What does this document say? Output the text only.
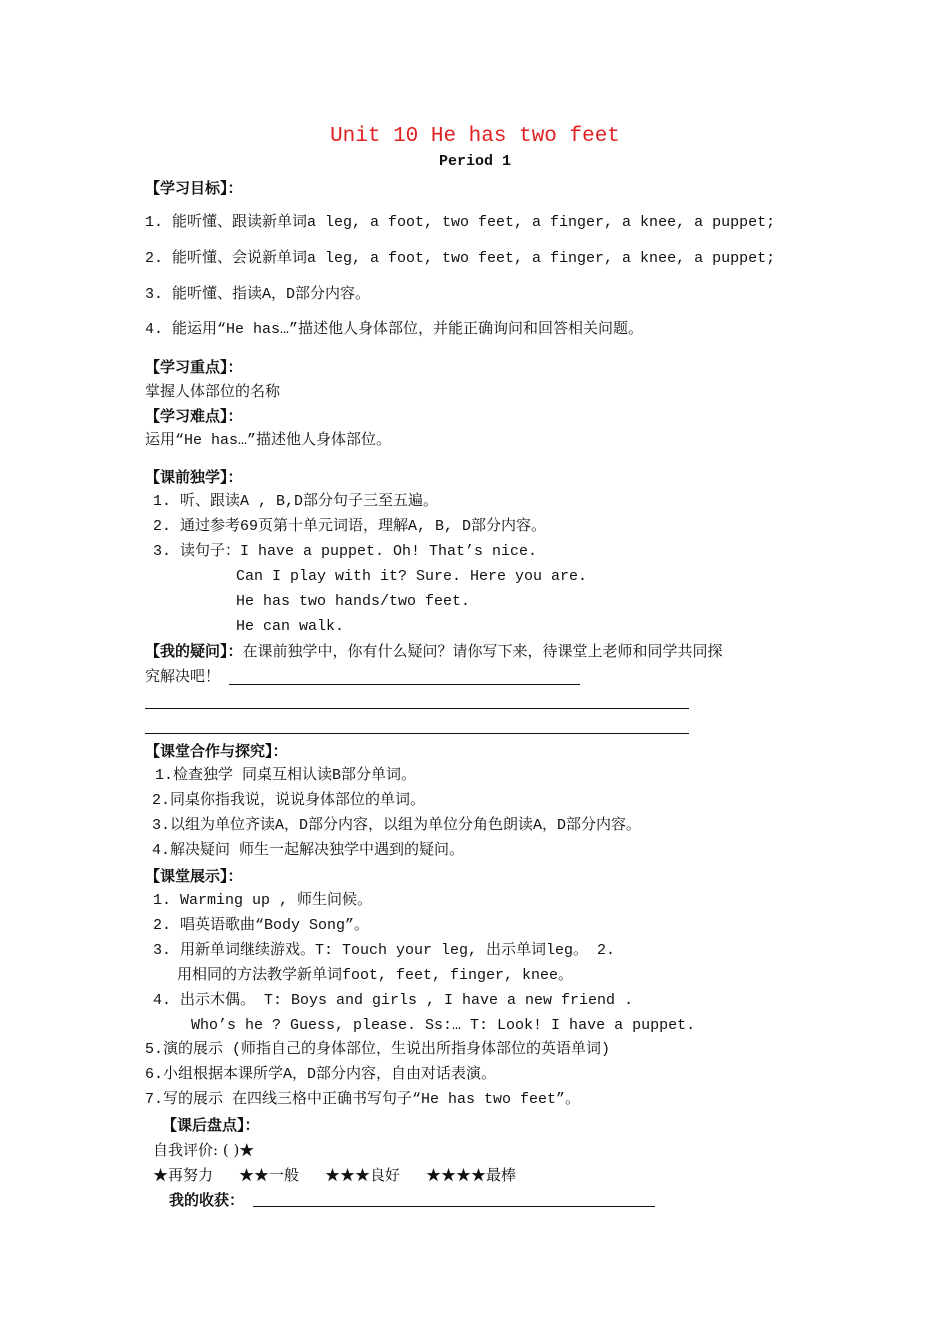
Unit 10 He has two feet
Period 1
【学习目标】：
1. 能听懂、跟读新单词a leg, a foot, two feet, a finger, a knee, a puppet;
2. 能听懂、会说新单词a leg, a foot, two feet, a finger, a knee, a puppet;
3. 能听懂、指读A，D部分内容。
4. 能运用“He has…”描述他人身体部位，并能正确询问和回答相关问题。
【学习重点】：
掌握人体部位的名称
【学习难点】：
运用“He has…”描述他人身体部位。
【课前独学】：
1. 听、跟读A , B,D部分句子三至五遍。
2. 通过参考69页第十单元词语，理解A, B, D部分内容。
3. 读句子：I have a puppet. Oh! That’s nice.
Can I play with it? Sure. Here you are.
He has two hands/two feet.
He can walk.
【我的疑问】：在课前独学中，你有什么疑问？请你写下来，待课堂上老师和同学共同探
究解决吧！
【课堂合作与探究】：
1.检查独学 同桌互相认读B部分单词。
2.同桌你指我说，说说身体部位的单词。
3.以组为单位齐读A，D部分内容，以组为单位分角色朗读A，D部分内容。
4.解决疑问 师生一起解决独学中遇到的疑问。
【课堂展示】：
1. Warming up , 师生问候。
2. 唱英语歌曲“Body Song”。
3. 用新单词继续游戏。T: Touch your leg, 出示单词leg。 2.
用相同的方法教学新单词foot, feet, finger, knee。
4. 出示木偶。 T: Boys and girls , I have a new friend .
Who’s he ? Guess, please. Ss:… T: Look! I have a puppet.
5.演的展示 (师指自己的身体部位，生说出所指身体部位的英语单词)
6.小组根据本课所学A，D部分内容，自由对话表演。
7.写的展示 在四线三格中正确书写句子“He has two feet”。
【课后盘点】：
自我评价: ( )★
★再努力 ★★一般 ★★★良好 ★★★★最棒
我的收获：
